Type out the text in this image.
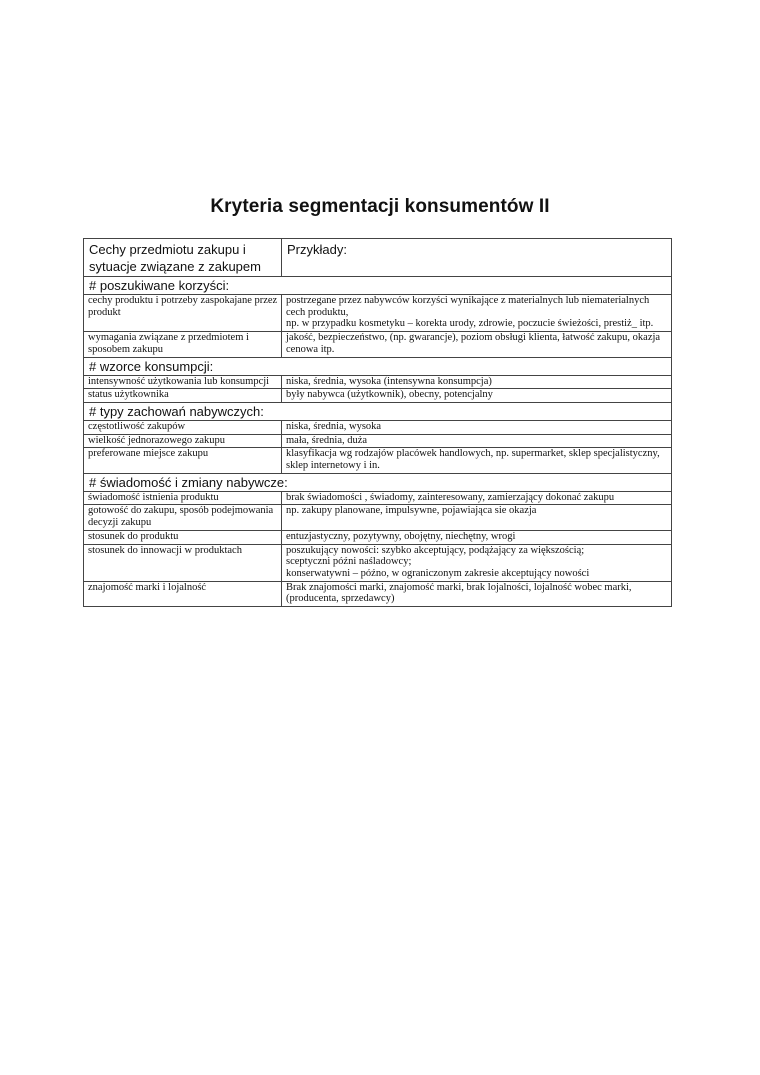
Kryteria segmentacji konsumentów II
Cechy przedmiotu zakupu i sytuacje związane z zakupem	Przykłady:
# poszukiwane korzyści:	
cechy produktu i potrzeby zaspokajane przez produkt	postrzegane przez nabywców korzyści wynikające z materialnych lub niematerialnych cech produktu,
np. w przypadku kosmetyku – korekta urody, zdrowie, poczucie świeżości, prestiż_ itp.

wymagania związane z przedmiotem i sposobem zakupu	jakość, bezpieczeństwo, (np. gwarancje), poziom obsługi klienta, łatwość zakupu, okazja cenowa itp.

# wzorce konsumpcji:	
intensywność użytkowania lub konsumpcji	niska, średnia, wysoka (intensywna konsumpcja)

status użytkownika	były nabywca (użytkownik), obecny, potencjalny

# typy zachowań nabywczych:	
częstotliwość zakupów	niska, średnia, wysoka

wielkość jednorazowego zakupu	mała, średnia, duża

preferowane miejsce zakupu	klasyfikacja wg rodzajów placówek handlowych, np. supermarket, sklep specjalistyczny, sklep internetowy i in.

# świadomość i zmiany nabywcze:	
świadomość istnienia produktu	brak świadomości , świadomy, zainteresowany, zamierzający dokonać zakupu

gotowość do zakupu, sposób podejmowania decyzji zakupu	np. zakupy planowane, impulsywne, pojawiająca sie okazja

stosunek do produktu	entuzjastyczny, pozytywny, obojętny, niechętny, wrogi

stosunek do innowacji w produktach	poszukujący nowości: szybko akceptujący, podążający za większością;
sceptyczni późni naśladowcy;
konserwatywni – późno, w ograniczonym zakresie akceptujący nowości

znajomość marki i lojalność	Brak znajomości marki, znajomość marki, brak lojalności, lojalność wobec marki, (producenta, sprzedawcy)
